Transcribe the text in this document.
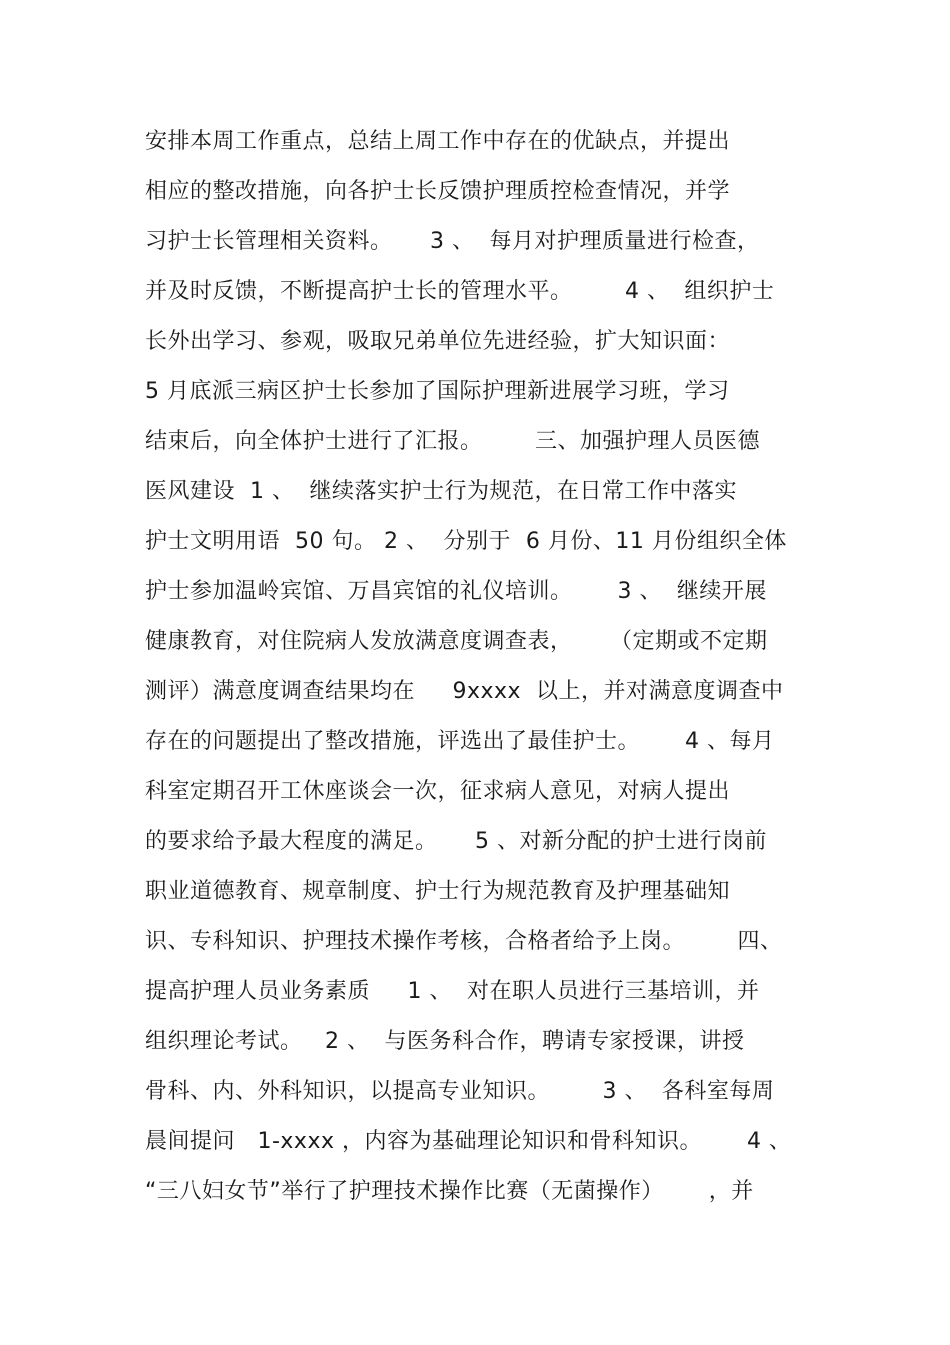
安排本周工作重点，总结上周工作中存在的优缺点，并提出
相应的整改措施，向各护士长反馈护理质控检查情况，并学
习护士长管理相关资料。     3 、  每月对护理质量进行检查，
并及时反馈，不断提高护士长的管理水平。       4 、  组织护士
长外出学习、参观，吸取兄弟单位先进经验，扩大知识面：
5 月底派三病区护士长参加了国际护理新进展学习班，学习
结束后，向全体护士进行了汇报。       三、加强护理人员医德
医风建设  1 、  继续落实护士行为规范，在日常工作中落实
护士文明用语  50 句。 2 、  分别于  6 月份、11 月份组织全体
护士参加温岭宾馆、万昌宾馆的礼仪培训。      3 、  继续开展
健康教育，对住院病人发放满意度调查表，     （定期或不定期
测评）满意度调查结果均在     9xxxx  以上，并对满意度调查中
存在的问题提出了整改措施，评选出了最佳护士。      4 、每月
科室定期召开工休座谈会一次，征求病人意见，对病人提出
的要求给予最大程度的满足。     5 、对新分配的护士进行岗前
职业道德教育、规章制度、护士行为规范教育及护理基础知
识、专科知识、护理技术操作考核，合格者给予上岗。       四、
提高护理人员业务素质     1 、  对在职人员进行三基培训，并
组织理论考试。   2 、  与医务科合作，聘请专家授课，讲授
骨科、内、外科知识，以提高专业知识。       3 、  各科室每周
晨间提问   1-xxxx ，内容为基础理论知识和骨科知识。      4 、
“三八妇女节”举行了护理技术操作比赛（无菌操作）      ，并
